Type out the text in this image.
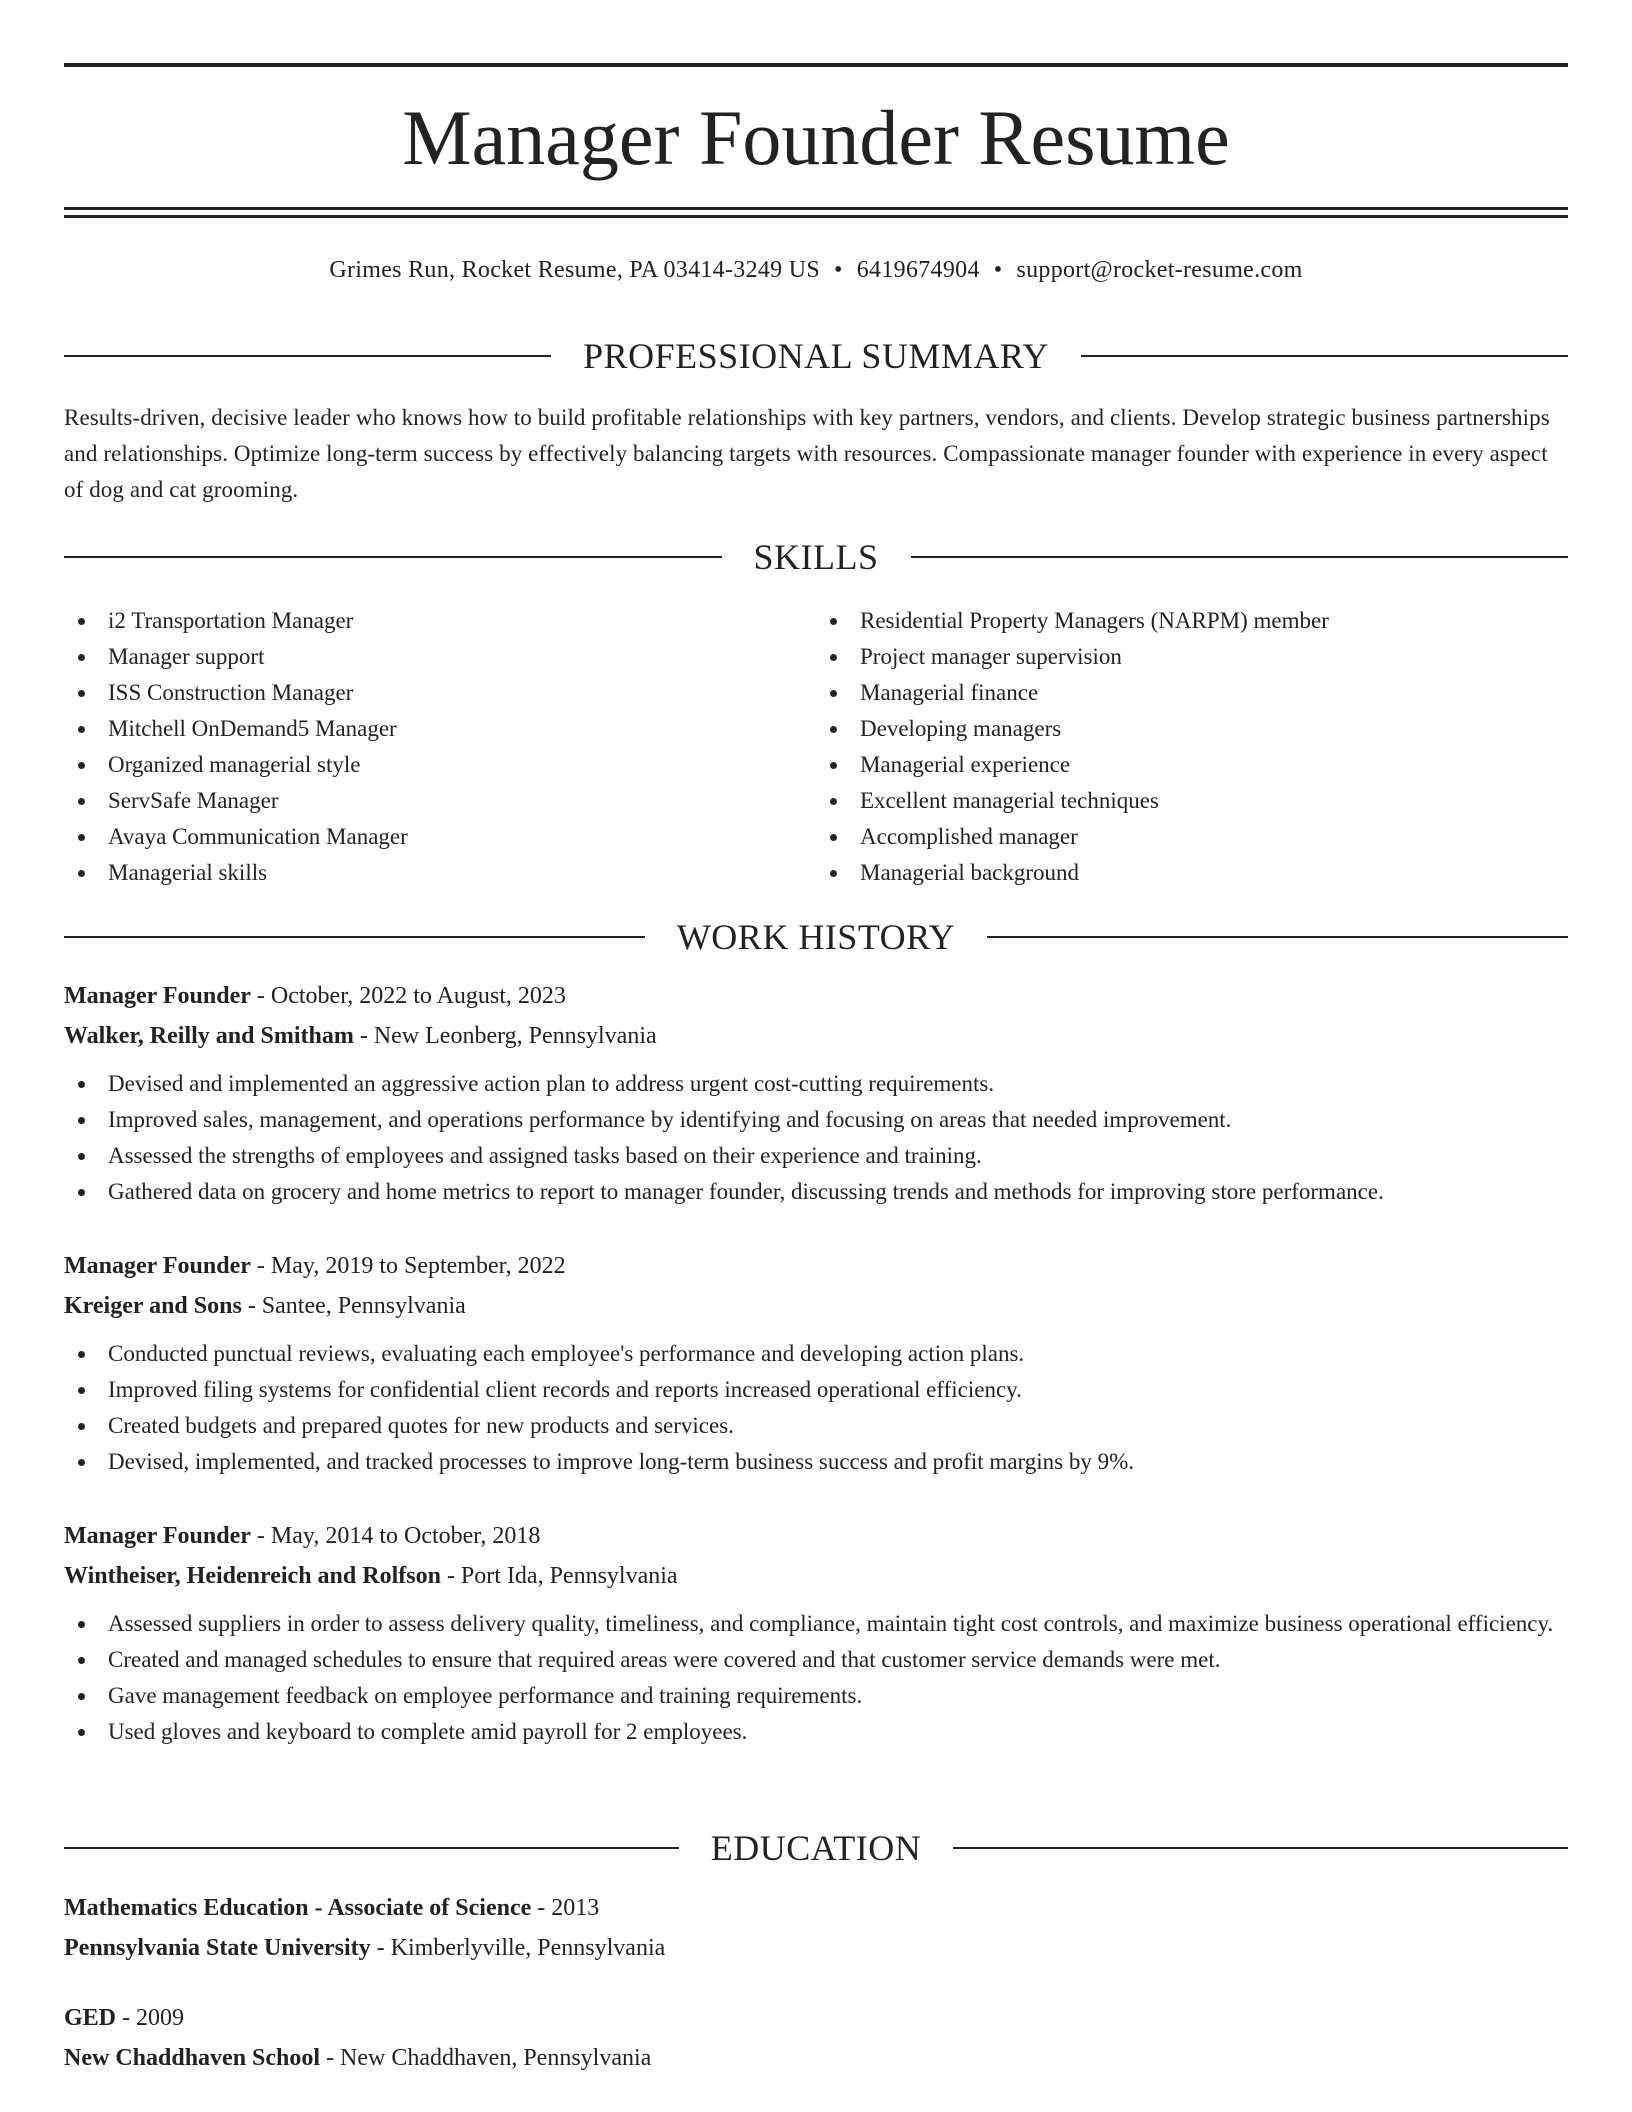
Manager Founder Resume
Grimes Run, Rocket Resume, PA 03414-3249 US • 6419674904 • support@rocket-resume.com
PROFESSIONAL SUMMARY

Results-driven, decisive leader who knows how to build profitable relationships with key partners, vendors, and clients. Develop strategic business partnerships and relationships. Optimize long-term success by effectively balancing targets with resources. Compassionate manager founder with experience in every aspect of dog and cat grooming.

SKILLS
i2 Transportation Manager
Manager support
ISS Construction Manager
Mitchell OnDemand5 Manager
Organized managerial style
ServSafe Manager
Avaya Communication Manager
Managerial skills
Residential Property Managers (NARPM) member
Project manager supervision
Managerial finance
Developing managers
Managerial experience
Excellent managerial techniques
Accomplished manager
Managerial background
WORK HISTORY

Manager Founder - October, 2022 to August, 2023

Walker, Reilly and Smitham - New Leonberg, Pennsylvania

Devised and implemented an aggressive action plan to address urgent cost-cutting requirements.
Improved sales, management, and operations performance by identifying and focusing on areas that needed improvement.
Assessed the strengths of employees and assigned tasks based on their experience and training.
Gathered data on grocery and home metrics to report to manager founder, discussing trends and methods for improving store performance.

Manager Founder - May, 2019 to September, 2022

Kreiger and Sons - Santee, Pennsylvania

Conducted punctual reviews, evaluating each employee's performance and developing action plans.
Improved filing systems for confidential client records and reports increased operational efficiency.
Created budgets and prepared quotes for new products and services.
Devised, implemented, and tracked processes to improve long-term business success and profit margins by 9%.

Manager Founder - May, 2014 to October, 2018

Wintheiser, Heidenreich and Rolfson - Port Ida, Pennsylvania

Assessed suppliers in order to assess delivery quality, timeliness, and compliance, maintain tight cost controls, and maximize business operational efficiency.
Created and managed schedules to ensure that required areas were covered and that customer service demands were met.
Gave management feedback on employee performance and training requirements.
Used gloves and keyboard to complete amid payroll for 2 employees.
EDUCATION

Mathematics Education - Associate of Science - 2013

Pennsylvania State University - Kimberlyville, Pennsylvania

GED - 2009

New Chaddhaven School - New Chaddhaven, Pennsylvania
